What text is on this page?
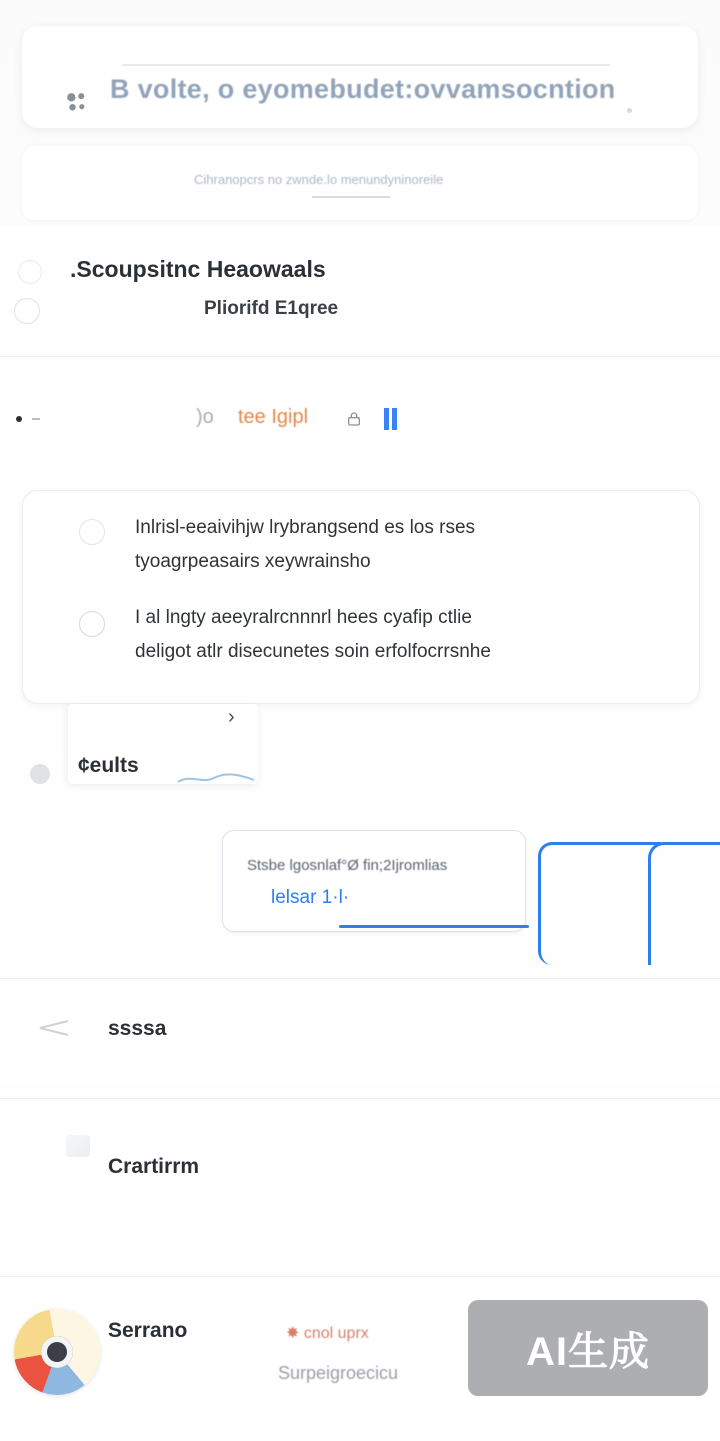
B volte, o eyomebudet:ovvamsocntion
Cihranopcrs no zwnde.lo menundyninoreile
.Scoupsitnc Heaowaals
Pliorifd E1qree
)o tee Igipl
Inlrisl-eeaivihjw lrybrangsend es los rses
tyoagrpeasairs xeywrainsho
I al lngty aeeyralrcnnnrl hees cyafip ctlie
deligot atlr disecunetes soin erfolfocrrsnhe
›
¢eults
Stsbe lgosnlaf°Ø fin;2Ijromlias
lelsar 1·l·
ssssa
Crartirrm
Serrano	✸ cnol uprx
Surpeigroecicu	AI生成
